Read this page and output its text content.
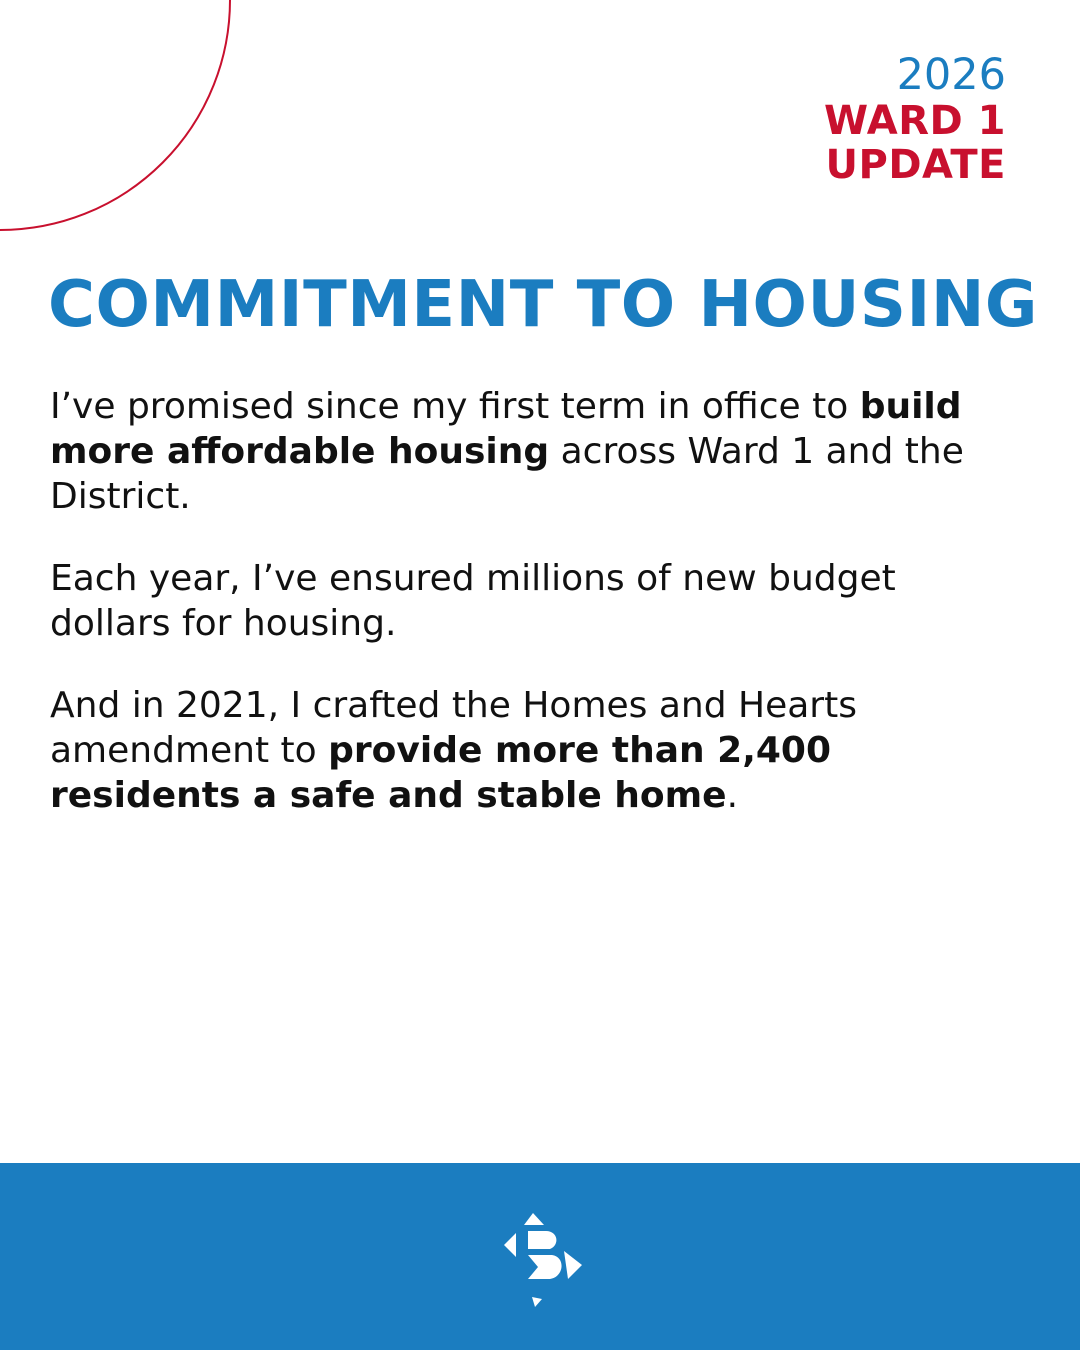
2026
WARD 1
UPDATE
COMMITMENT TO HOUSING

I’ve promised since my first term in office to build more affordable housing across Ward 1 and the District.

Each year, I’ve ensured millions of new budget dollars for housing.

And in 2021, I crafted the Homes and Hearts amendment to provide more than 2,400 residents a safe and stable home.
